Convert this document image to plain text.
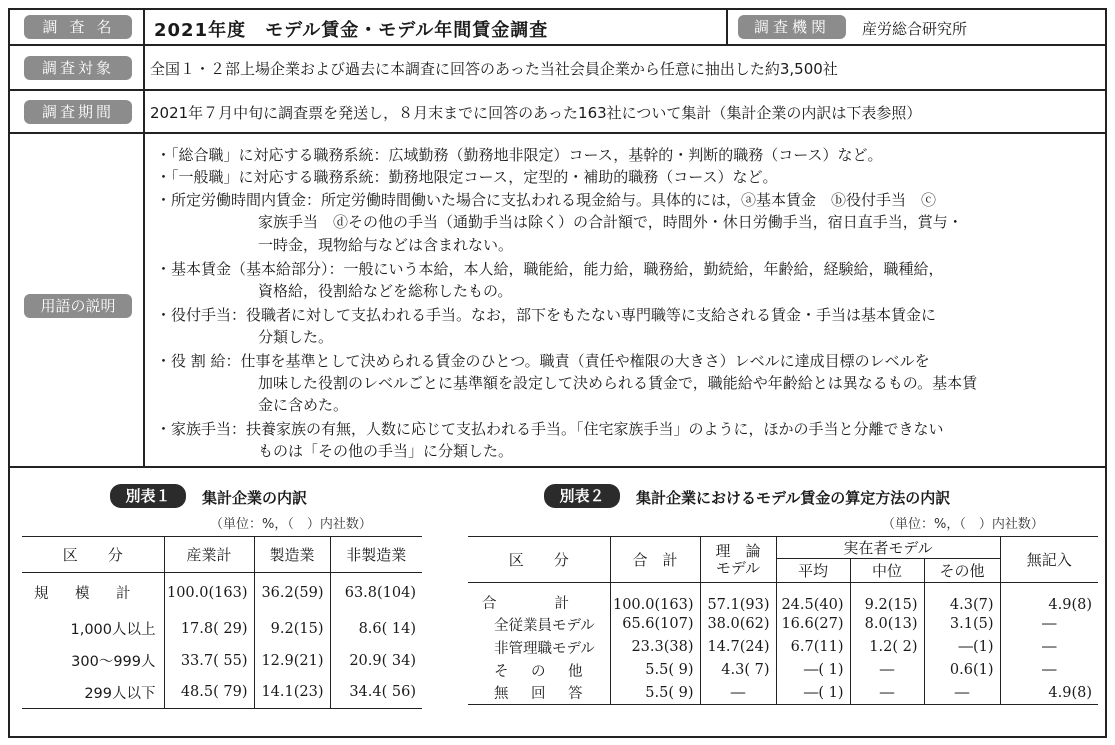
調査名	2021年度　モデル賃金・モデル年間賃金調査	調査機関	産労総合研究所
調査対象	全国１・２部上場企業および過去に本調査に回答のあった当社会員企業から任意に抽出した約3,500社
調査期間	2021年７月中旬に調査票を発送し，８月末までに回答のあった163社について集計（集計企業の内訳は下表参照）
用語の説明
・「総合職」に対応する職務系統：広域勤務（勤務地非限定）コース，基幹的・判断的職務（コース）など。
・「一般職」に対応する職務系統：勤務地限定コース，定型的・補助的職務（コース）など。
・所定労働時間内賃金：所定労働時間働いた場合に支払われる現金給与。具体的には，ⓐ基本賃金　ⓑ役付手当　ⓒ
家族手当　ⓓその他の手当（通勤手当は除く）の合計額で，時間外・休日労働手当，宿日直手当，賞与・
一時金，現物給与などは含まれない。
・基本賃金（基本給部分）：一般にいう本給，本人給，職能給，能力給，職務給，勤続給，年齢給，経験給，職種給，
資格給，役割給などを総称したもの。
・役付手当：役職者に対して支払われる手当。なお，部下をもたない専門職等に支給される賃金・手当は基本賃金に
分類した。
・役 割 給：仕事を基準として決められる賃金のひとつ。職責（責任や権限の大きさ）レベルに達成目標のレベルを
加味した役割のレベルごとに基準額を設定して決められる賃金で，職能給や年齢給とは異なるもの。基本賃
金に含めた。
・家族手当：扶養家族の有無，人数に応じて支払われる手当。「住宅家族手当」のように，ほかの手当と分離できない
ものは「その他の手当」に分類した。
別表１	集計企業の内訳
（単位：%，（　）内社数）
区　　分	産業計	製造業	非製造業
規　模　計	100.0(163)	36.2(59)	63.8(104)
1,000人以上	17.8( 29)	9.2(15)	8.6( 14)
300～999人	33.7( 55)	12.9(21)	20.9( 34)
299人以下	48.5( 79)	14.1(23)	34.4( 56)
別表２	集計企業におけるモデル賃金の算定方法の内訳
（単位：%，（　）内社数）
区　　分	合　計	理　論
モデル	実在者モデル			無記入
			平均	中位	その他	
合　　　　計	100.0(163)	57.1(93)	24.5(40)	9.2(15)	4.3(7)	4.9(8)
全従業員モデル	65.6(107)	38.0(62)	16.6(27)	8.0(13)	3.1(5)	―
非管理職モデル	23.3(38)	14.7(24)	6.7(11)	1.2( 2)	―(1)	―
そ　の　他	5.5( 9)	4.3( 7)	―( 1)	―	0.6(1)	―
無　回　答	5.5( 9)	―	―( 1)	―	―	4.9(8)
